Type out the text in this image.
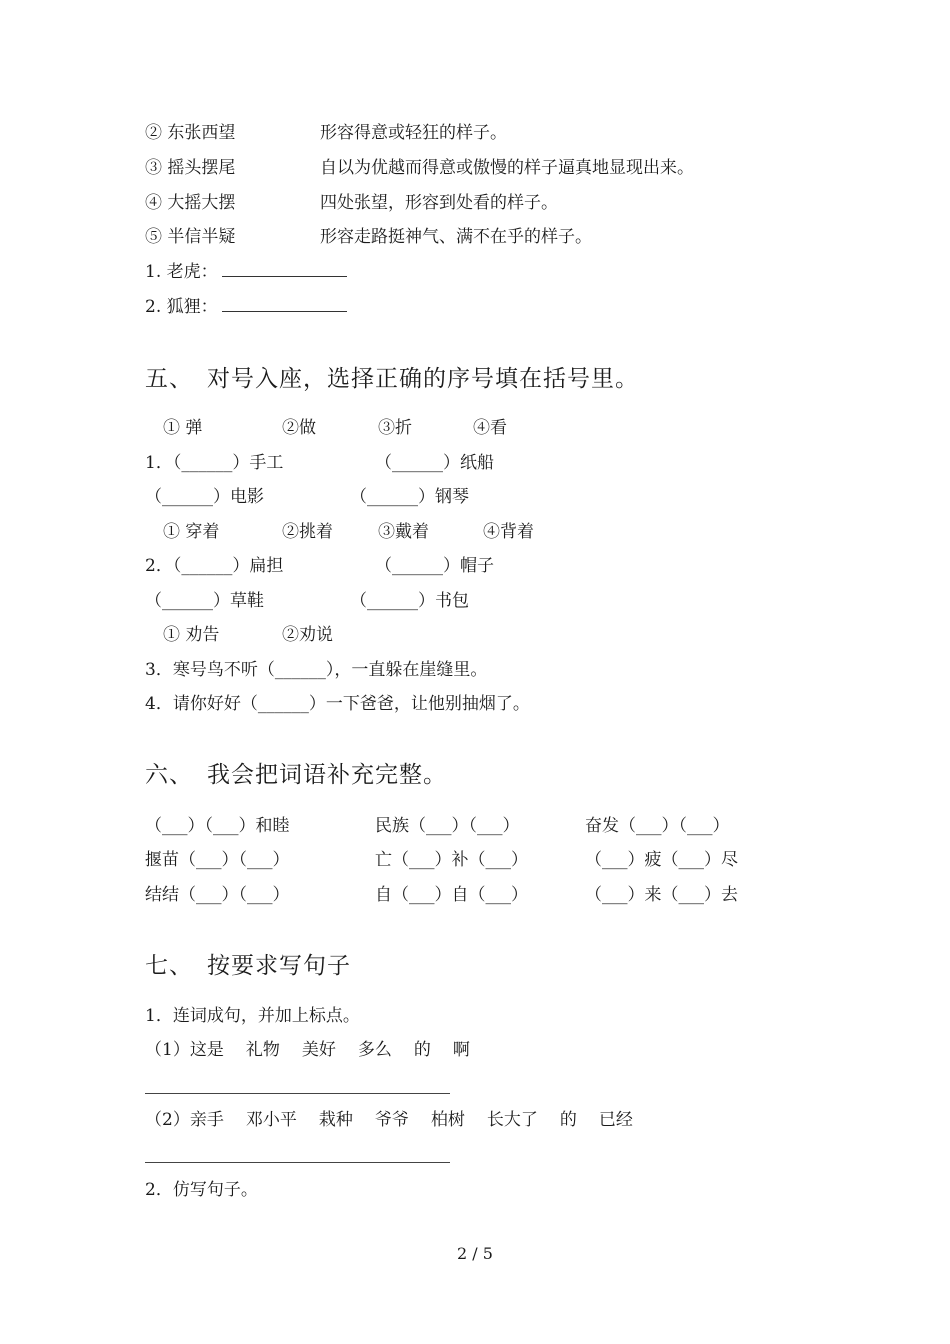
② 东张西望	形容得意或轻狂的样子。
③ 摇头摆尾	自以为优越而得意或傲慢的样子逼真地显现出来。
④ 大摇大摆	四处张望，形容到处看的样子。
⑤ 半信半疑	形容走路挺神气、满不在乎的样子。
1. 老虎：
2. 狐狸：
五、 对号入座，选择正确的序号填在括号里。
① 弹	②做	③折	④看
1．（______）手工	（______）纸船
（______）电影	（______）钢琴
① 穿着	②挑着	③戴着	④背着
2．（______）扁担	（______）帽子
（______）草鞋	（______）书包
① 劝告	②劝说
3．寒号鸟不听（______），一直躲在崖缝里。
4．请你好好（______）一下爸爸，让他别抽烟了。
六、 我会把词语补充完整。
（___）（___）和睦	民族（___）（___）	奋发（___）（___）
揠苗（___）（___）	亡（___）补（___）	（___）疲（___）尽
结结（___）（___）	自（___）自（___）	（___）来（___）去
七、 按要求写句子
1．连词成句，并加上标点。
（1）这是 礼物 美好 多么 的 啊
（2）亲手 邓小平 栽种 爷爷 柏树 长大了 的 已经
2．仿写句子。
2 / 5
